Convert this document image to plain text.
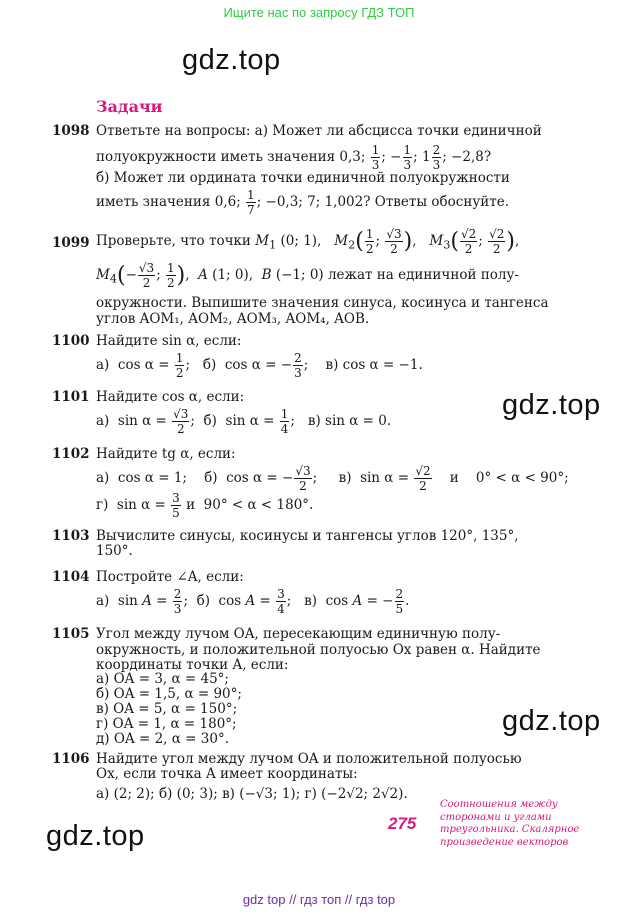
Ищите нас по запросу ГДЗ ТОП
gdz.top
gdz.top
gdz.top
gdz.top
Задачи
1098 Ответьте на вопросы: а) Может ли абсцисса точки единичной
полуокружности иметь значения 0,3; $\frac{1}{3}$ ; − $\frac{1}{3}$ ; $1 \frac{2}{3}$ ; −2,8?
б) Может ли ордината точки единичной полуокружности
иметь значения 0,6; $\frac{1}{7}$ ; −0,3; 7; 1,002? Ответы обоснуйте.
1099 Проверьте, что точки $M_1$ (0; 1),   $M_2( \frac{1}{2}$ ; $\frac{√3}{2}$ ),   $M_3( \frac{√2}{2}$ ; $\frac{√2}{2}$ ),
$M_4(- \frac{√3}{2}$ ; $\frac{1}{2}$ ),  A (1; 0),  B (−1; 0) лежат на единичной полу-
окружности. Выпишите значения синуса, косинуса и тангенса
углов AOM₁, AOM₂, AOM₃, AOM₄, AOB.
1100 Найдите sin α, если:
а)  $\cos \alpha = \frac{1}{2}$ ;   б)  cos α = − $\frac{2}{3}$ ;    в) cos α = −1.
1101 Найдите cos α, если:
а)  $\sin \alpha = \frac{√3}{2}$ ;  б)  $\sin \alpha = \frac{1}{4}$ ;   в) sin α = 0.
1102 Найдите tg α, если:
а)  cos α = 1;    б)  cos α = − $\frac{√3}{2}$ ;     в)  $\sin \alpha = \frac{√2}{2}$ и    0° < α < 90°;
г)  $\sin \alpha = \frac{3}{5}$ и  90° < α < 180°.
1103 Вычислите синусы, косинусы и тангенсы углов 120°, 135°,
150°.
1104 Постройте ∠A, если:
а)  $\sin A = \frac{2}{3}$ ;  б)  $\cos A = \frac{3}{4}$ ;   в)  cos A = − $\frac{2}{5}$ .
1105 Угол между лучом OA, пересекающим единичную полу-
окружность, и положительной полуосью Ox равен α. Найдите
координаты точки A, если:
а) OA = 3, α = 45°;
б) OA = 1,5, α = 90°;
в) OA = 5, α = 150°;
г) OA = 1, α = 180°;
д) OA = 2, α = 30°.
1106 Найдите угол между лучом OA и положительной полуосью
Ox, если точка A имеет координаты:
а) (2; 2); б) (0; 3); в) (−√3; 1); г) (−2√2; 2√2).
275
Соотношения между сторонами и углами треугольника. Скалярное произведение векторов
gdz top // гдз топ // гдз top
